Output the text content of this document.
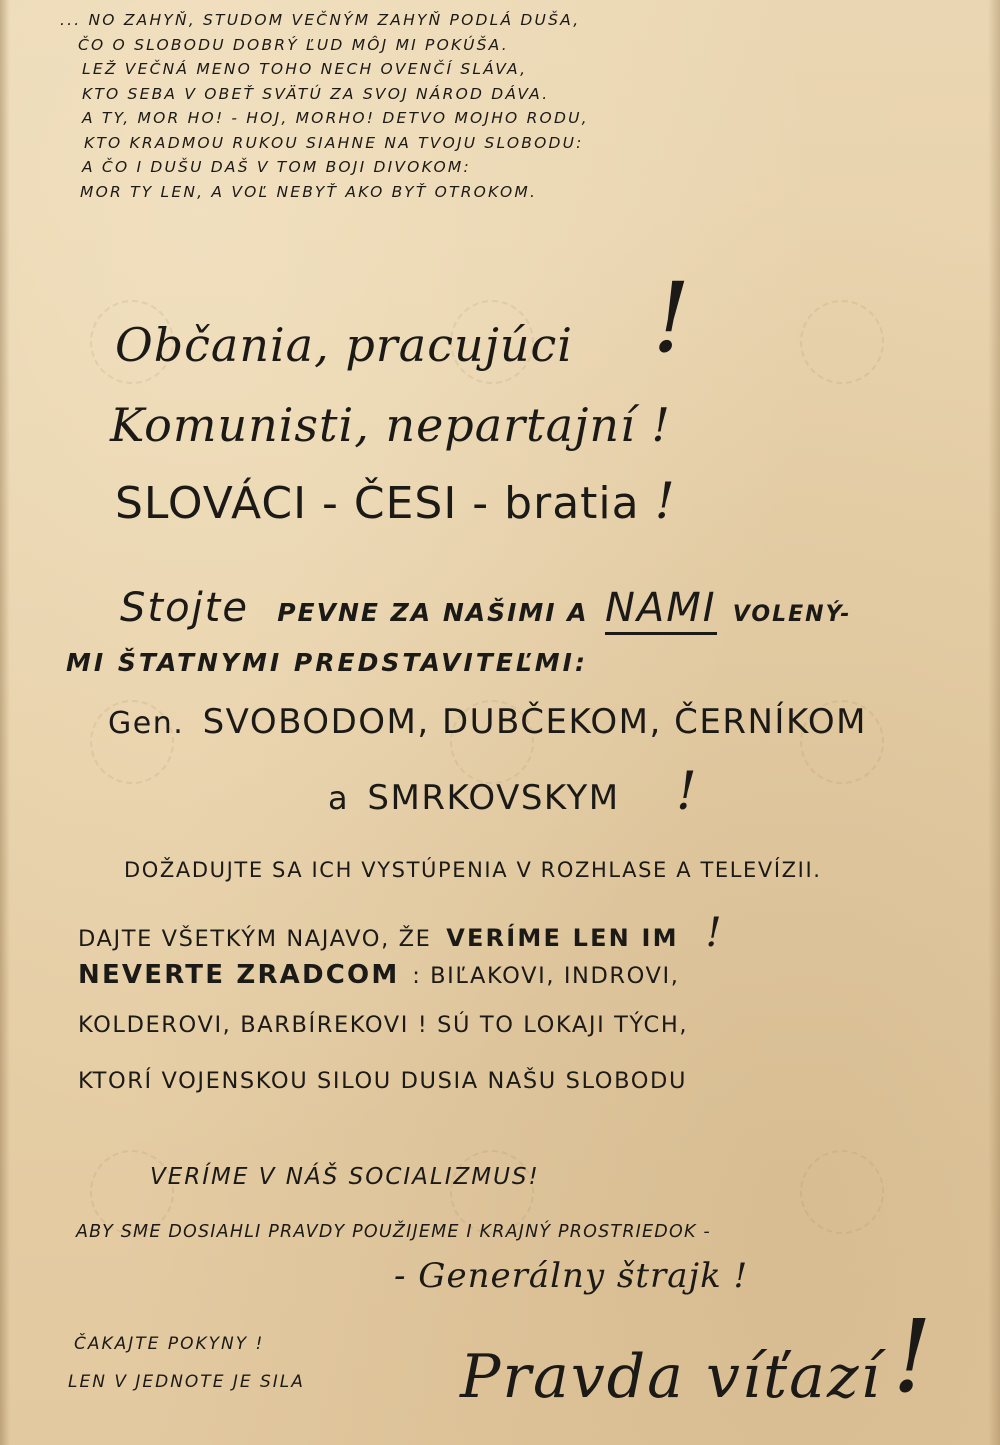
... NO ZAHYŇ, STUDOM VEČNÝM ZAHYŇ PODLÁ DUŠA,
ČO O SLOBODU DOBRÝ ĽUD MÔJ MI POKÚŠA.
LEŽ VEČNÁ MENO TOHO NECH OVENČÍ SLÁVA,
KTO SEBA V OBEŤ SVÄTÚ ZA SVOJ NÁROD DÁVA.
A TY, MOR HO! - HOJ, MORHO! DETVO MOJHO RODU,
KTO KRADMOU RUKOU SIAHNE NA TVOJU SLOBODU:
A ČO I DUŠU DAŠ V TOM BOJI DIVOKOM:
MOR TY LEN, A VOĽ NEBYŤ AKO BYŤ OTROKOM.
Občania, pracujúci !
Komunisti, nepartajní !
SLOVÁCI - ČESI - bratia !
Stojte PEVNE ZA NAŠIMI A NAMI VOLENÝ-
MI ŠTATNYMI PREDSTAVITEĽMI:
Gen. SVOBODOM, DUBČEKOM, ČERNÍKOM
a SMRKOVSKYM !
DOŽADUJTE SA ICH VYSTÚPENIA V ROZHLASE A TELEVÍZII.
DAJTE VŠETKÝM NAJAVO, ŽE VERÍME LEN IM !
NEVERTE ZRADCOM : BIĽAKOVI, INDROVI,
KOLDEROVI, BARBÍREKOVI ! SÚ TO LOKAJI TÝCH,
KTORÍ VOJENSKOU SILOU DUSIA NAŠU SLOBODU
VERÍME V NÁŠ SOCIALIZMUS!
ABY SME DOSIAHLI PRAVDY POUŽIJEME I KRAJNÝ PROSTRIEDOK -
- Generálny štrajk !
ČAKAJTE POKYNY !
LEN V JEDNOTE JE SILA	Pravda víťazí !
